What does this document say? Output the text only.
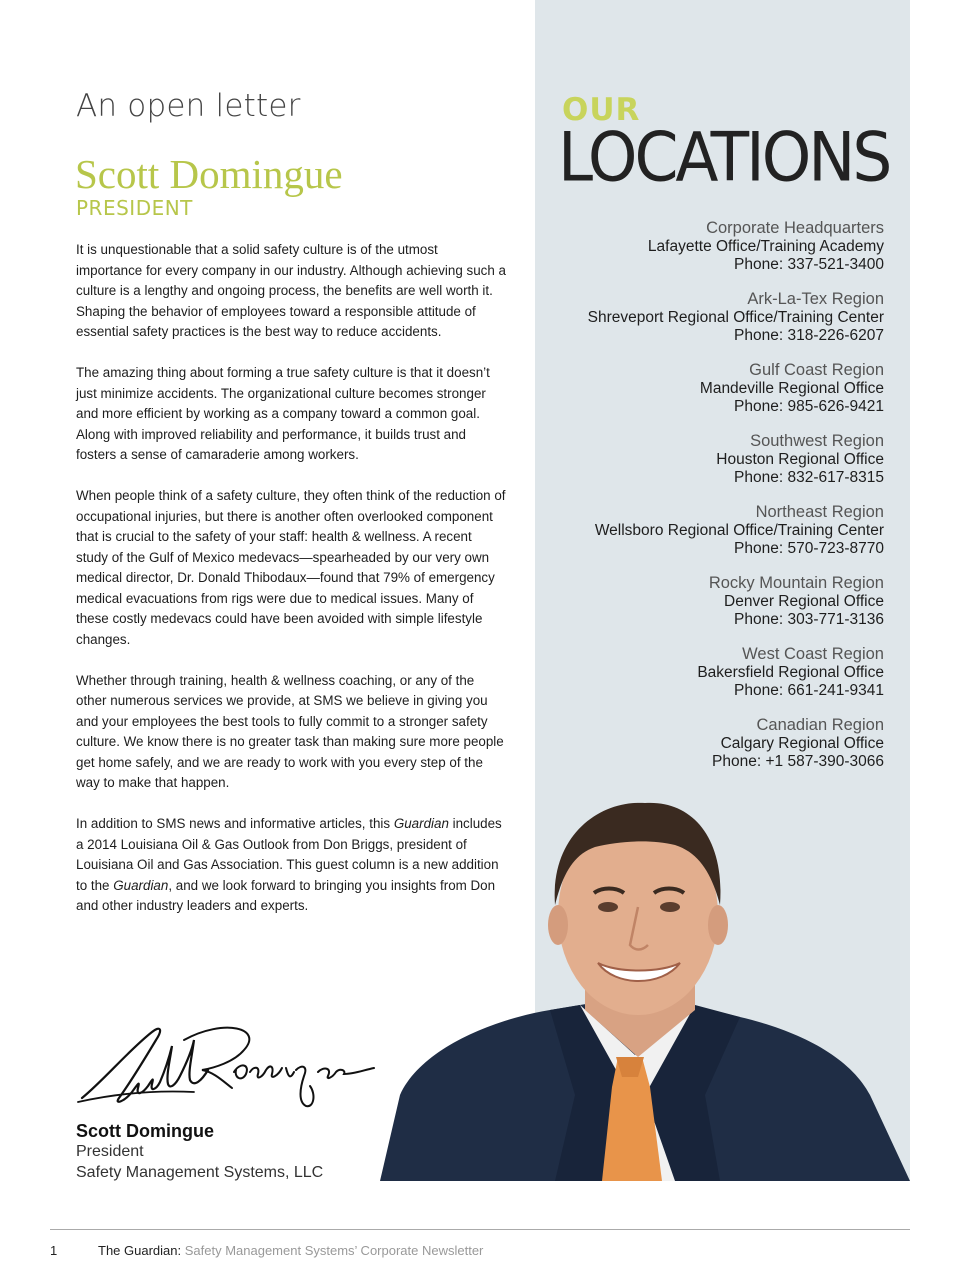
An open letter
Scott Domingue
PRESIDENT

It is unquestionable that a solid safety culture is of the utmost importance for every company in our industry. Although achieving such a culture is a lengthy and ongoing process, the benefits are well worth it. Shaping the behavior of employees toward a responsible attitude of essential safety practices is the best way to reduce accidents.

The amazing thing about forming a true safety culture is that it doesn’t just minimize accidents. The organizational culture becomes stronger and more efficient by working as a company toward a common goal. Along with improved reliability and performance, it builds trust and fosters a sense of camaraderie among workers.

When people think of a safety culture, they often think of the reduction of occupational injuries, but there is another often overlooked component that is crucial to the safety of your staff: health & wellness. A recent study of the Gulf of Mexico medevacs—spearheaded by our very own medical director, Dr. Donald Thibodaux—found that 79% of emergency medical evacuations from rigs were due to medical issues. Many of these costly medevacs could have been avoided with simple lifestyle changes.

Whether through training, health & wellness coaching, or any of the other numerous services we provide, at SMS we believe in giving you and your employees the best tools to fully commit to a stronger safety culture. We know there is no greater task than making sure more people get home safely, and we are ready to work with you every step of the way to make that happen.

In addition to SMS news and informative articles, this Guardian includes a 2014 Louisiana Oil & Gas Outlook from Don Briggs, president of Louisiana Oil and Gas Association. This guest column is a new addition to the Guardian, and we look forward to bringing you insights from Don and other industry leaders and experts.

Scott Domingue
President
Safety Management Systems, LLC
OUR
LOCATIONS
Corporate Headquarters
Lafayette Office/Training Academy
Phone: 337-521-3400
Ark-La-Tex Region
Shreveport Regional Office/Training Center
Phone: 318-226-6207
Gulf Coast Region
Mandeville Regional Office
Phone: 985-626-9421
Southwest Region
Houston Regional Office
Phone: 832-617-8315
Northeast Region
Wellsboro Regional Office/Training Center
Phone: 570-723-8770
Rocky Mountain Region
Denver Regional Office
Phone: 303-771-3136
West Coast Region
Bakersfield Regional Office
Phone: 661-241-9341
Canadian Region
Calgary Regional Office
Phone: +1 587-390-3066
1	The Guardian: Safety Management Systems’ Corporate Newsletter
